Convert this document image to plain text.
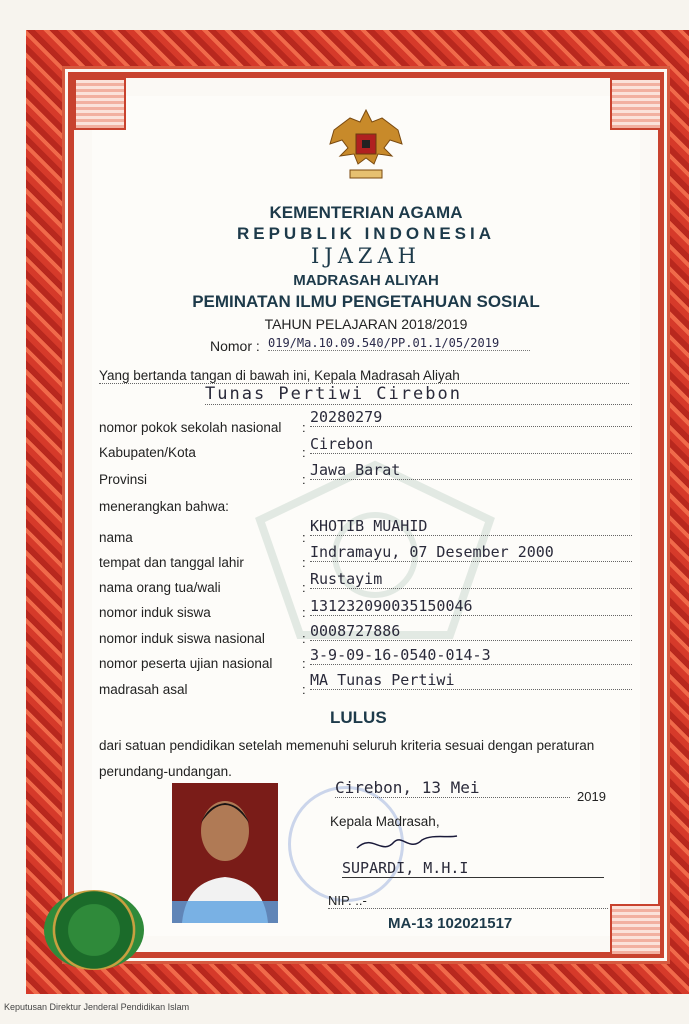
KEMENTERIAN AGAMA
REPUBLIK INDONESIA
IJAZAH
MADRASAH ALIYAH
PEMINATAN ILMU PENGETAHUAN SOSIAL
TAHUN PELAJARAN 2018/2019
Nomor : 019/Ma.10.09.540/PP.01.1/05/2019
Yang bertanda tangan di bawah ini, Kepala Madrasah Aliyah
Tunas Pertiwi Cirebon
nomor pokok sekolah nasional :
20280279
Kabupaten/Kota	: Cirebon
Provinsi	:
Jawa Barat
menerangkan bahwa:
nama	:
KHOTIB MUAHID
tempat dan tanggal lahir	:
Indramayu, 07 Desember 2000
nama orang tua/wali	: Rustayim
nomor induk siswa	: 131232090035150046
nomor induk siswa nasional	: 0008727886
nomor peserta ujian nasional : 3-9-09-16-0540-014-3
madrasah asal	:
MA Tunas Pertiwi
LULUS
dari satuan pendidikan setelah memenuhi seluruh kriteria sesuai dengan peraturan
perundang-undangan.
Cirebon, 13 Mei	2019
Kepala Madrasah,
SUPARDI, M.H.I
NIP. ..-
MA-13 102021517
Keputusan Direktur Jenderal Pendidikan Islam
